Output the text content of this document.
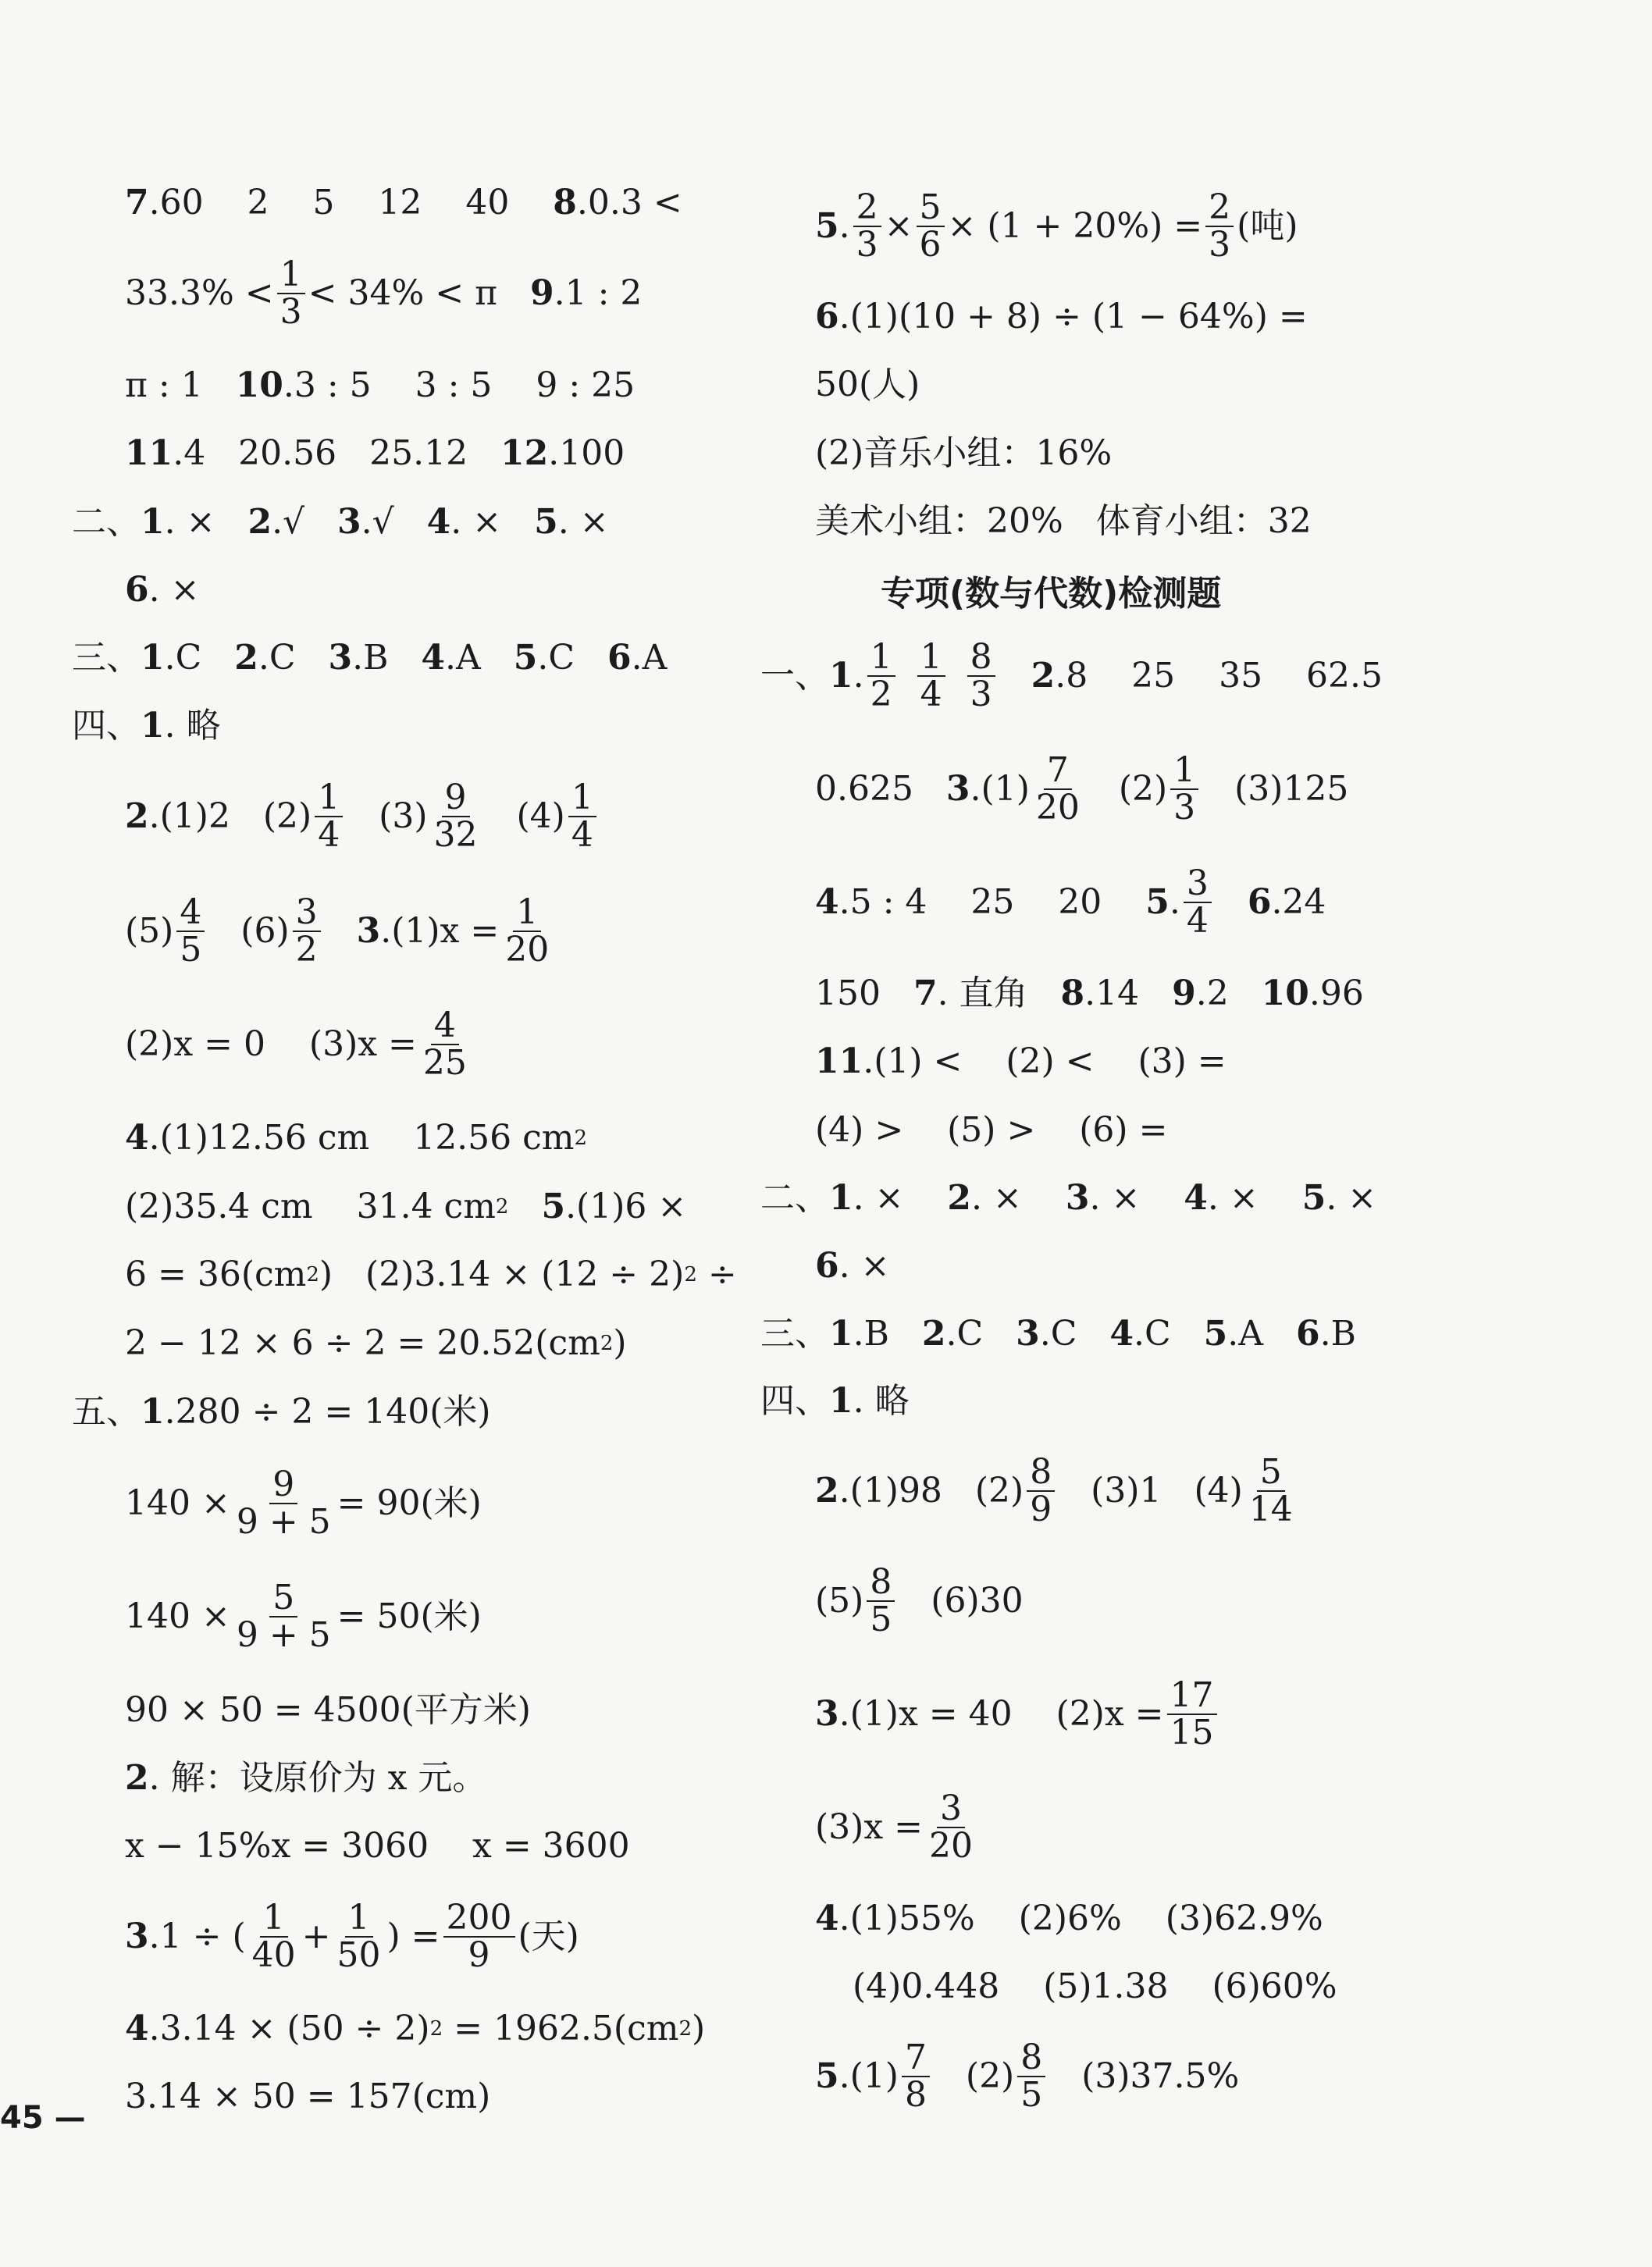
7 .60    2    5    12    40 8 .0.3 <
$33.3\% < \frac{1}{3} < 34\% < \pi$ 9 .1 : 2
π : 1 10 .3 : 5    3 : 5    9 : 25
11 .4   20.56   25.12 12 .100
二、 1 . × 2 .√ 3 .√ 4 . × 5 . ×
6 . ×
三、 1 .C 2 .C 3 .B 4 .A 5 .C 6 .A
四、 1 . 略
2 .(1)2   $(2) \frac{1}{4} (3) \frac{9}{32} (4) \frac{1}{4}$
$(5) \frac{4}{5} (6) \frac{3}{2}$
3 $.(1)x = \frac{1}{20}$
(2)x = 0    $(3)x = \frac{4}{25}$
4 .(1)12.56 cm    12.56 cm 2
(2)35.4 cm    31.4 cm 2
5 .(1)6 ×
6 = 36(cm 2 )   (2)3.14 × (12 ÷ 2) 2 ÷
2 − 12 × 6 ÷ 2 = 20.52(cm 2 )
五、 1 .280 ÷ 2 = 140(米)
$140 \times \frac{9}{9 + 5} = 90$(米)
$140 \times \frac{5}{9 + 5} = 50$(米)
90 × 50 = 4500(平方米)
2 . 解：设原价为 x 元。
x − 15%x = 3060    x = 3600
3 .1 ÷ ( $\frac{1}{40} + \frac{1}{50}$ ) = $\frac{200}{9}$ (天)
4 .3.14 × (50 ÷ 2) 2 = 1962.5(cm 2 )
3.14 × 50 = 157(cm)
45 —
5 . $\frac{2}{3} \times \frac{5}{6} \times (1 + 20\%) = \frac{2}{3}$ (吨)
6 .(1)(10 + 8) ÷ (1 − 64%) =
50(人)
(2)音乐小组：16%
美术小组：20%   体育小组：32
专项(数与代数)检测题
一、 1 . $\frac{1}{2} \frac{1}{4} \frac{8}{3}$
2 .8    25    35    62.5
0.625 3 $.(1) \frac{7}{20} (2) \frac{1}{3} (3)125$
4 .5 : 4    25    20 5 . $\frac{3}{4}$
6 .24
150 7 . 直角 8 .14 9 .2 10 .96
11 .(1) <    (2) <    (3) =
(4) >    (5) >    (6) =
二、 1 . × 2 . × 3 . × 4 . × 5 . ×
6 . ×
三、 1 .B 2 .C 3 .C 4 .C 5 .A 6 .B
四、 1 . 略
2 .(1)98   $(2) \frac{8}{9} (3)1$   $(4) \frac{5}{14}$
$(5) \frac{8}{5} (6)30$
3 .(1)x = 40    $(2)x = \frac{17}{15}$
$(3)x = \frac{3}{20}$
4 .(1)55%    (2)6%    (3)62.9%
(4)0.448    (5)1.38    (6)60%
5 $.(1) \frac{7}{8} (2) \frac{8}{5} (3)37.5\%$
